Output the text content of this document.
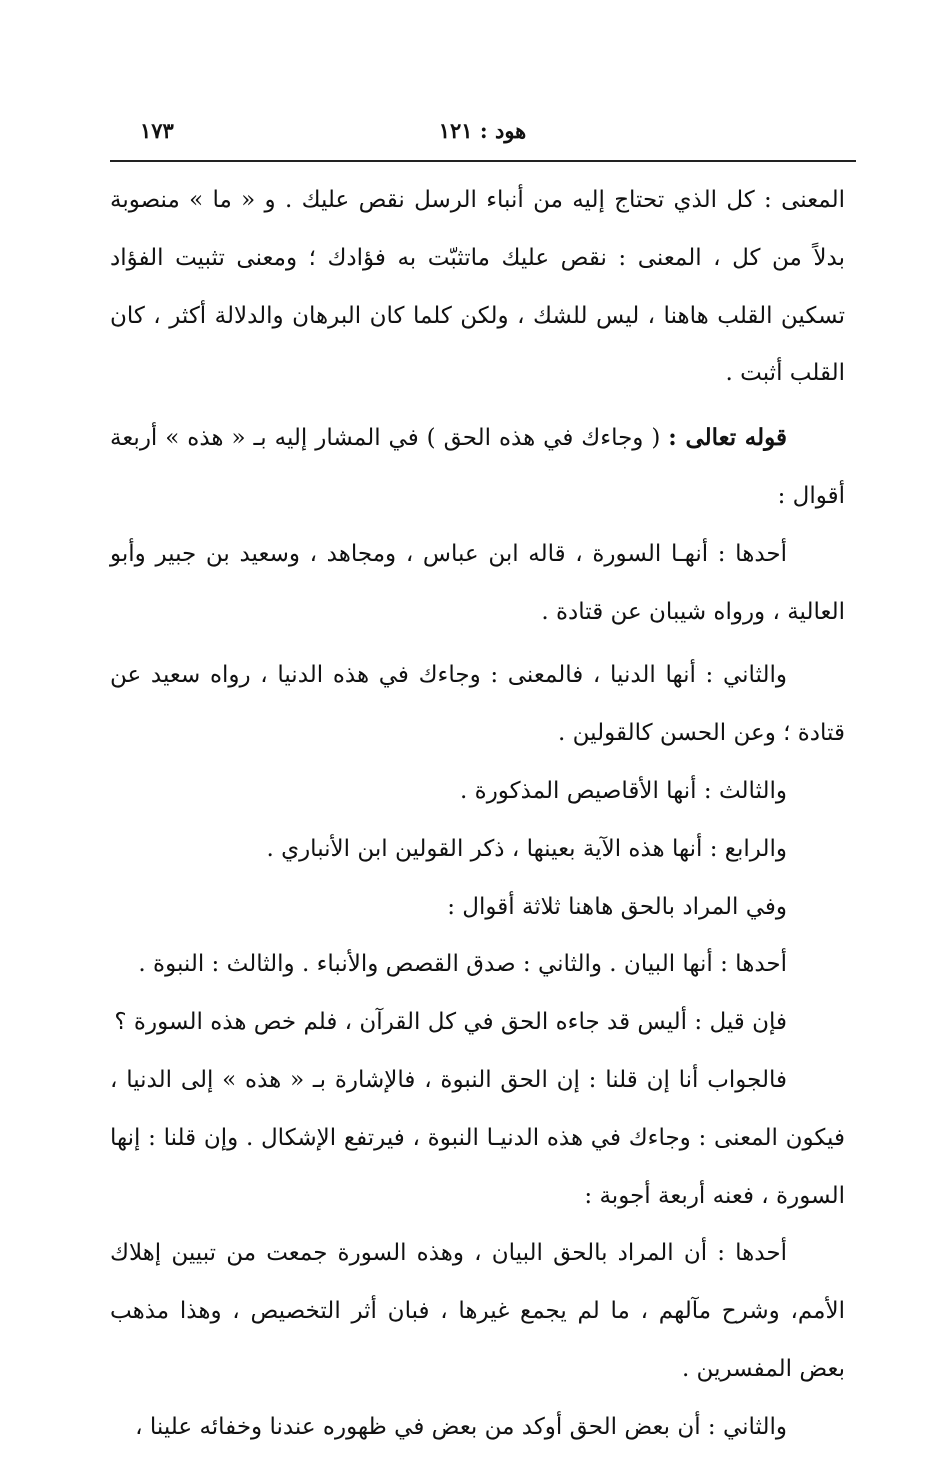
هود : ١٢١
١٧٣

المعنى : كل الذي تحتاج إليه من أنباء الرسل نقص عليك . و « ما » منصوبة بدلاً من كل ، المعنى : نقص عليك ماتثبّت به فؤادك ؛ ومعنى تثبيت الفؤاد تسكين القلب هاهنا ، ليس للشك ، ولكن كلما كان البرهان والدلالة أكثر ، كان القلب أثبت .

قوله تعالى : ( وجاءك في هذه الحق ) في المشار إليه بـ « هذه » أربعة أقوال :

أحدها : أنهـا السورة ، قاله ابن عباس ، ومجاهد ، وسعيد بن جبير وأبو العالية ، ورواه شيبان عن قتادة .

والثاني : أنها الدنيا ، فالمعنى : وجاءك في هذه الدنيا ، رواه سعيد عن قتادة ؛ وعن الحسن كالقولين .

والثالث : أنها الأقاصيص المذكورة .

والرابع : أنها هذه الآية بعينها ، ذكر القولين ابن الأنباري .

وفي المراد بالحق هاهنا ثلاثة أقوال :

أحدها : أنها البيان . والثاني : صدق القصص والأنباء . والثالث : النبوة .

فإن قيل : أليس قد جاءه الحق في كل القرآن ، فلم خص هذه السورة ؟

فالجواب أنا إن قلنا : إن الحق النبوة ، فالإشارة بـ « هذه » إلى الدنيا ، فيكون المعنى : وجاءك في هذه الدنيـا النبوة ، فيرتفع الإشكال . وإن قلنا : إنها السورة ، فعنه أربعة أجوبة :

أحدها : أن المراد بالحق البيان ، وهذه السورة جمعت من تبيين إهلاك الأمم، وشرح مآلهم ، ما لم يجمع غيرها ، فبان أثر التخصيص ، وهذا مذهب بعض المفسرين .

والثاني : أن بعض الحق أوكد من بعض في ظهوره عندنا وخفائه علينا ،
